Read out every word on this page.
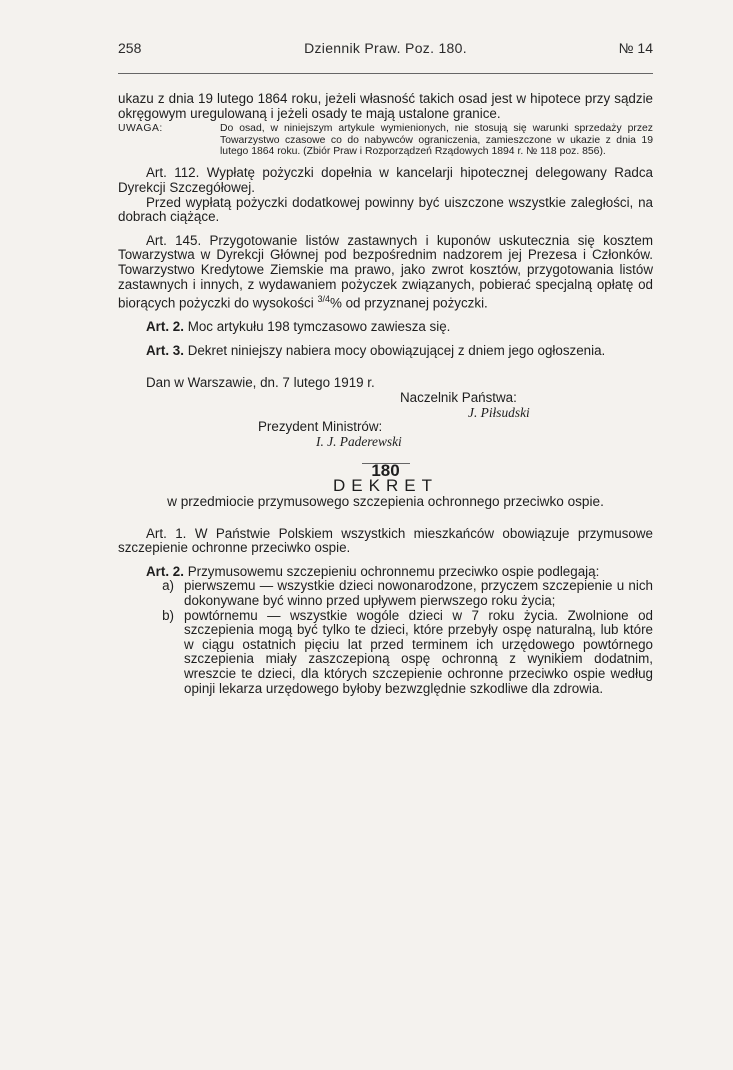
258	Dziennik Praw. Poz. 180.	№ 14

ukazu z dnia 19 lutego 1864 roku, jeżeli własność takich osad jest w hipotece przy sądzie okręgowym uregulowaną i jeżeli osady te mają ustalone granice.

UWAGA:	Do osad, w niniejszym artykule wymienionych, nie stosują się warunki sprzedaży przez Towarzystwo czasowe co do nabywców ograniczenia, zamieszczone w ukazie z dnia 19 lutego 1864 roku. (Zbiór Praw i Rozporządzeń Rządowych 1894 r. № 118 poz. 856).

Art. 112. Wypłatę pożyczki dopełnia w kancelarji hipotecznej delegowany Radca Dyrekcji Szczegółowej.

Przed wypłatą pożyczki dodatkowej powinny być uiszczone wszystkie zaległości, na dobrach ciążące.

Art. 145. Przygotowanie listów zastawnych i kuponów uskutecznia się kosztem Towarzystwa w Dyrekcji Głównej pod bezpośrednim nadzorem jej Prezesa i Członków. Towarzystwo Kredytowe Ziemskie ma prawo, jako zwrot kosztów, przygotowania listów zastawnych i innych, z wydawaniem pożyczek związanych, pobierać specjalną opłatę od biorących pożyczki do wysokości $^{3/4}$% od przyznanej pożyczki.

Art. 2. Moc artykułu 198 tymczasowo zawiesza się.

Art. 3. Dekret niniejszy nabiera mocy obowiązującej z dniem jego ogłoszenia.

Dan w Warszawie, dn. 7 lutego 1919 r.

Naczelnik Państwa:

J. Piłsudski

Prezydent Ministrów:

I. J. Paderewski

180

DEKRET

w przedmiocie przymusowego szczepienia ochronnego przeciwko ospie.

Art. 1. W Państwie Polskiem wszystkich mieszkańców obowiązuje przymusowe szczepienie ochronne przeciwko ospie.

Art. 2. Przymusowemu szczepieniu ochronnemu przeciwko ospie podlegają:

a) pierwszemu — wszystkie dzieci nowonarodzone, przyczem szczepienie u nich dokonywane być winno przed upływem pierwszego roku życia;
b) powtórnemu — wszystkie wogóle dzieci w 7 roku życia. Zwolnione od szczepienia mogą być tylko te dzieci, które przebyły ospę naturalną, lub które w ciągu ostatnich pięciu lat przed terminem ich urzędowego powtórnego szczepienia miały zaszczepioną ospę ochronną z wynikiem dodatnim, wreszcie te dzieci, dla których szczepienie ochronne przeciwko ospie według opinji lekarza urzędowego byłoby bezwzględnie szkodliwe dla zdrowia.
